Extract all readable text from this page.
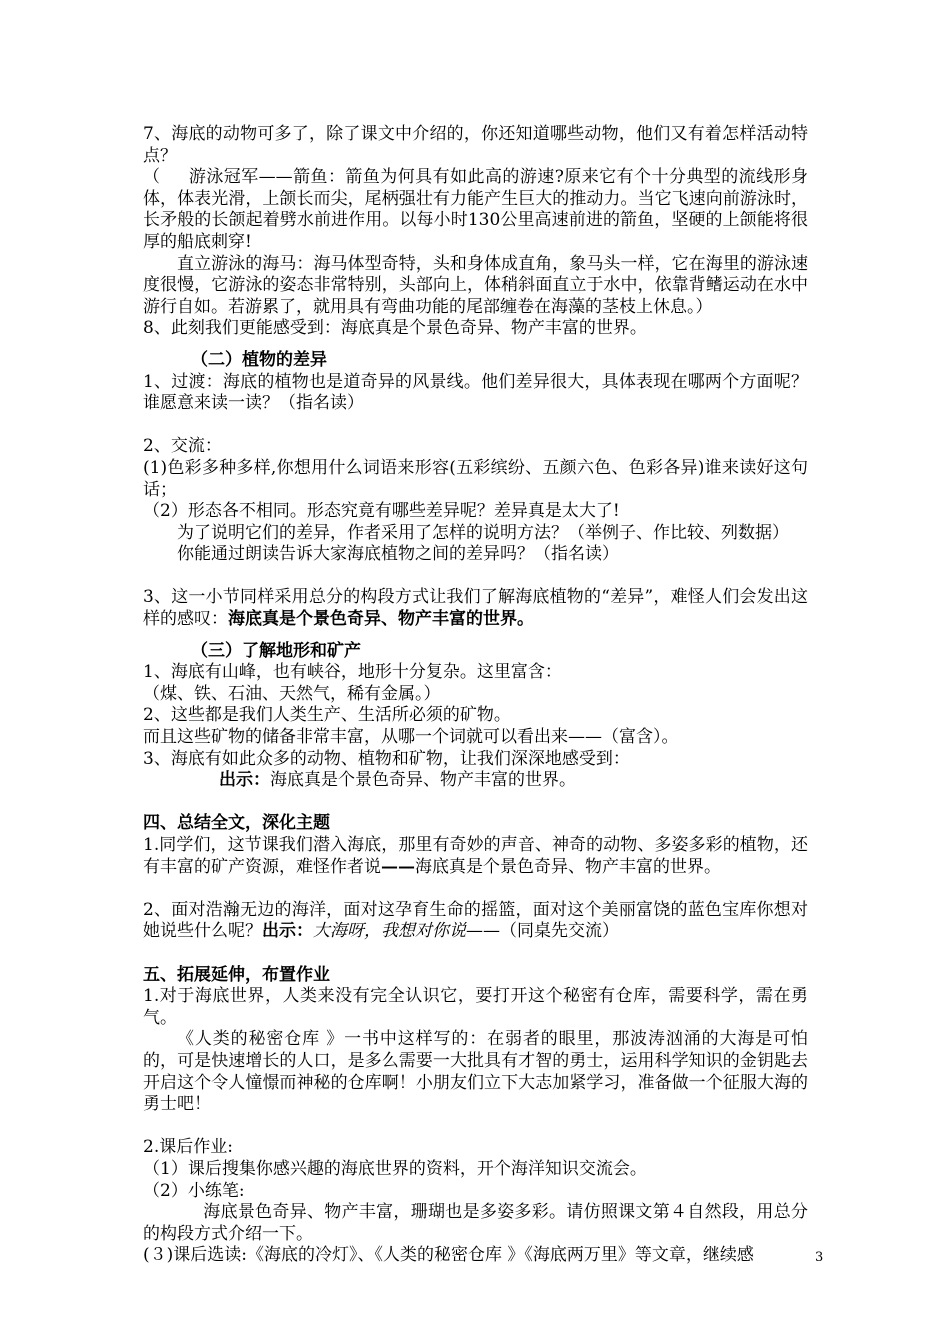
7、海底的动物可多了，除了课文中介绍的，你还知道哪些动物，他们又有着怎样活动特点？

（ 游泳冠军——箭鱼：箭鱼为何具有如此高的游速?原来它有个十分典型的流线形身体，体表光滑，上颌长而尖，尾柄强壮有力能产生巨大的推动力。当它飞速向前游泳时，长矛般的长颌起着劈水前进作用。以每小时130公里高速前进的箭鱼，坚硬的上颌能将很厚的船底刺穿!

直立游泳的海马：海马体型奇特，头和身体成直角，象马头一样，它在海里的游泳速度很慢，它游泳的姿态非常特别，头部向上，体稍斜面直立于水中，依靠背鳍运动在水中游行自如。若游累了，就用具有弯曲功能的尾部缠卷在海藻的茎枝上休息。）

8、此刻我们更能感受到：海底真是个景色奇异、物产丰富的世界。

（二）植物的差异

1、过渡：海底的植物也是道奇异的风景线。他们差异很大，具体表现在哪两个方面呢？谁愿意来读一读？（指名读）

2、交流：

(1)色彩多种多样,你想用什么词语来形容(五彩缤纷、五颜六色、色彩各异)谁来读好这句话；

（2）形态各不相同。形态究竟有哪些差异呢？差异真是太大了!

为了说明它们的差异，作者采用了怎样的说明方法？（举例子、作比较、列数据）

你能通过朗读告诉大家海底植物之间的差异吗？（指名读）

3、这一小节同样采用总分的构段方式让我们了解海底植物的“差异”，难怪人们会发出这样的感叹：海底真是个景色奇异、物产丰富的世界。

（三）了解地形和矿产

1、海底有山峰，也有峡谷，地形十分复杂。这里富含：

（煤、铁、石油、天然气，稀有金属。）

2、这些都是我们人类生产、生活所必须的矿物。

而且这些矿物的储备非常丰富，从哪一个词就可以看出来——（富含）。

3、海底有如此众多的动物、植物和矿物，让我们深深地感受到：

出示：海底真是个景色奇异、物产丰富的世界。

四、总结全文，深化主题

1.同学们，这节课我们潜入海底，那里有奇妙的声音、神奇的动物、多姿多彩的植物，还有丰富的矿产资源，难怪作者说——海底真是个景色奇异、物产丰富的世界。

2、面对浩瀚无边的海洋，面对这孕育生命的摇篮，面对这个美丽富饶的蓝色宝库你想对她说些什么呢？出示：大海呀，我想对你说——（同桌先交流）

五、拓展延伸，布置作业

1.对于海底世界，人类来没有完全认识它，要打开这个秘密有仓库，需要科学，需在勇气。

《人类的秘密仓库 》一书中这样写的：在弱者的眼里，那波涛汹涌的大海是可怕的，可是快速增长的人口，是多么需要一大批具有才智的勇士，运用科学知识的金钥匙去开启这个令人憧憬而神秘的仓库啊！小朋友们立下大志加紧学习，准备做一个征服大海的勇士吧！

2.课后作业:

（1）课后搜集你感兴趣的海底世界的资料，开个海洋知识交流会。

（2）小练笔:

海底景色奇异、物产丰富，珊瑚也是多姿多彩。请仿照课文第４自然段，用总分的构段方式介绍一下。

(３)课后选读:《海底的冷灯》、《人类的秘密仓库 》《海底两万里》等文章，继续感	3
